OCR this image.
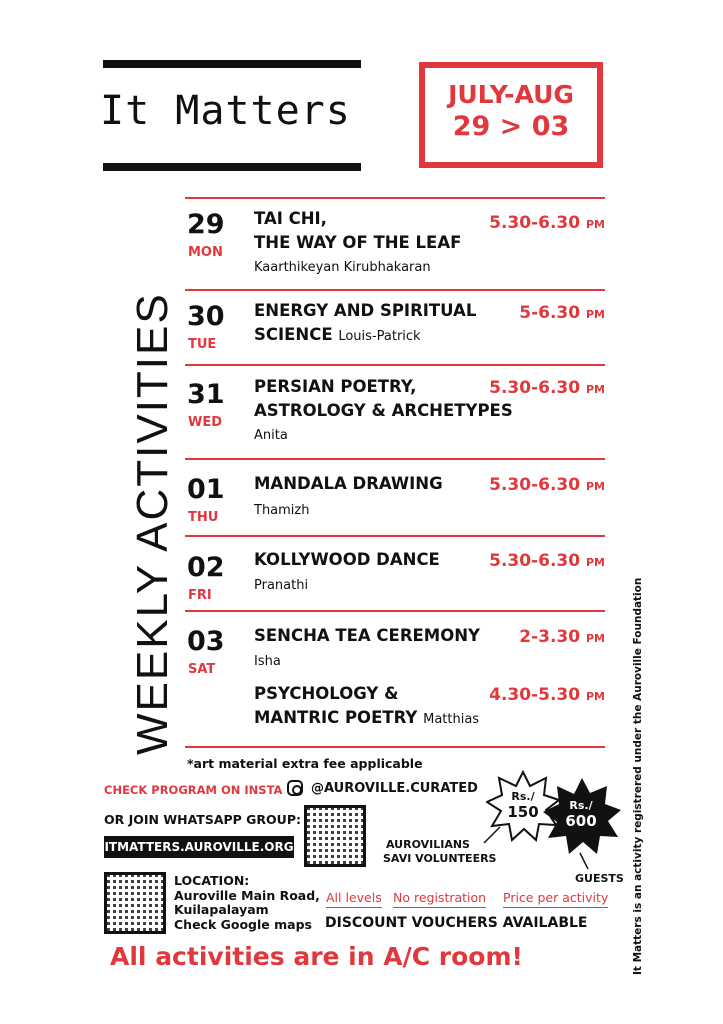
It Matters	JULY-AUG
29 > 03
WEEKLY ACTIVITIES
29
MON
TAI CHI,
THE WAY OF THE LEAF
Kaarthikeyan Kirubhakaran
5.30-6.30 PM
30
TUE
ENERGY AND SPIRITUAL
SCIENCE Louis-Patrick
5-6.30 PM
31
WED
PERSIAN POETRY,
ASTROLOGY & ARCHETYPES
Anita
5.30-6.30 PM
01
THU
MANDALA DRAWING
Thamizh
5.30-6.30 PM
02
FRI
KOLLYWOOD DANCE
Pranathi
5.30-6.30 PM
03
SAT
SENCHA TEA CEREMONY
Isha
2-3.30 PM
PSYCHOLOGY &
MANTRIC POETRY Matthias
4.30-5.30 PM
*art material extra fee applicable
CHECK PROGRAM ON INSTA @AUROVILLE.CURATED
OR JOIN WHATSAPP GROUP:
ITMATTERS.AUROVILLE.ORG
Rs./
150	Rs./
600
AUROVILIANS
SAVI VOLUNTEERS
GUESTS
LOCATION:
Auroville Main Road,
Kuilapalayam
Check Google maps
All levels No registration Price per activity
DISCOUNT VOUCHERS AVAILABLE
All activities are in A/C room!	It Matters is an activity registrered under the Auroville Foundation
